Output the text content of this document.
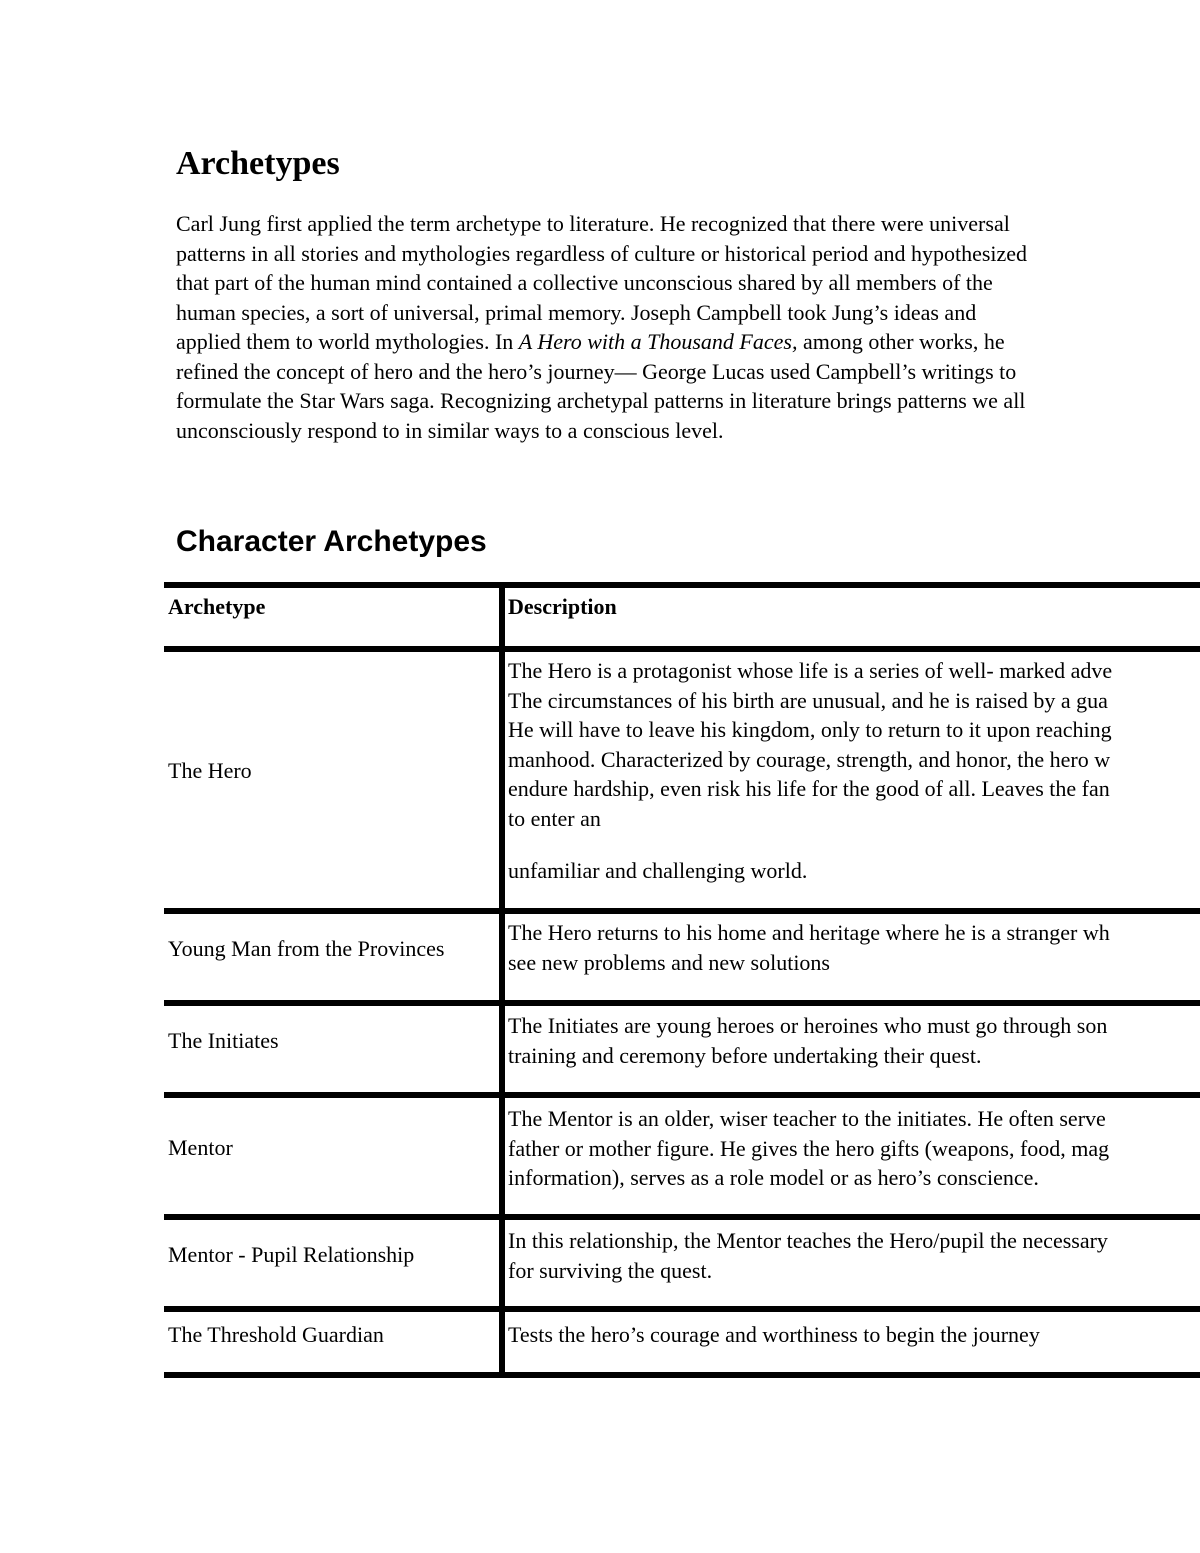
Archetypes

Carl Jung first applied the term archetype to literature. He recognized that there were universal patterns in all stories and mythologies regardless of culture or historical period and hypothesized that part of the human mind contained a collective unconscious shared by all members of the human species, a sort of universal, primal memory. Joseph Campbell took Jung’s ideas and applied them to world mythologies. In A Hero with a Thousand Faces, among other works, he refined the concept of hero and the hero’s journey— George Lucas used Campbell’s writings to formulate the Star Wars saga. Recognizing archetypal patterns in literature brings patterns we all unconsciously respond to in similar ways to a conscious level.

Character Archetypes
Archetype	Description
The Hero
The Hero is a protagonist whose life is a series of well- marked adve
The circumstances of his birth are unusual, and he is raised by a gua
He will have to leave his kingdom, only to return to it upon reaching
manhood. Characterized by courage, strength, and honor, the hero w
endure hardship, even risk his life for the good of all. Leaves the fan
to enter an
unfamiliar and challenging world.
Young Man from the Provinces
The Hero returns to his home and heritage where he is a stranger wh
see new problems and new solutions
The Initiates
The Initiates are young heroes or heroines who must go through son
training and ceremony before undertaking their quest.
Mentor
The Mentor is an older, wiser teacher to the initiates. He often serve
father or mother figure. He gives the hero gifts (weapons, food, mag
information), serves as a role model or as hero’s conscience.
Mentor - Pupil Relationship
In this relationship, the Mentor teaches the Hero/pupil the necessary
for surviving the quest.
The Threshold Guardian	Tests the hero’s courage and worthiness to begin the journey
